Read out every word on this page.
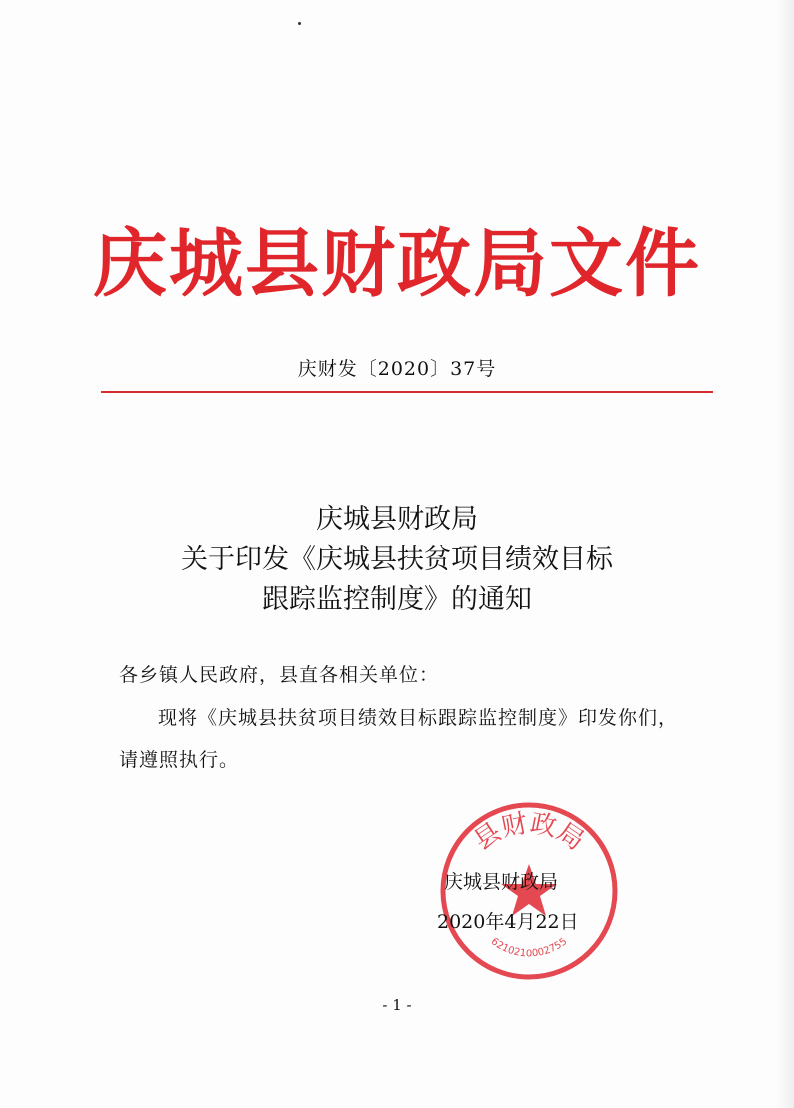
庆城县财政局文件
庆财发〔2020〕37号
庆城县财政局
关于印发《庆城县扶贫项目绩效目标
跟踪监控制度》的通知
各乡镇人民政府，县直各相关单位：
现将《庆城县扶贫项目绩效目标跟踪监控制度》印发你们，
请遵照执行。
县财政局
6210210002755
庆城县财政局
2020年4月22日
- 1 -
